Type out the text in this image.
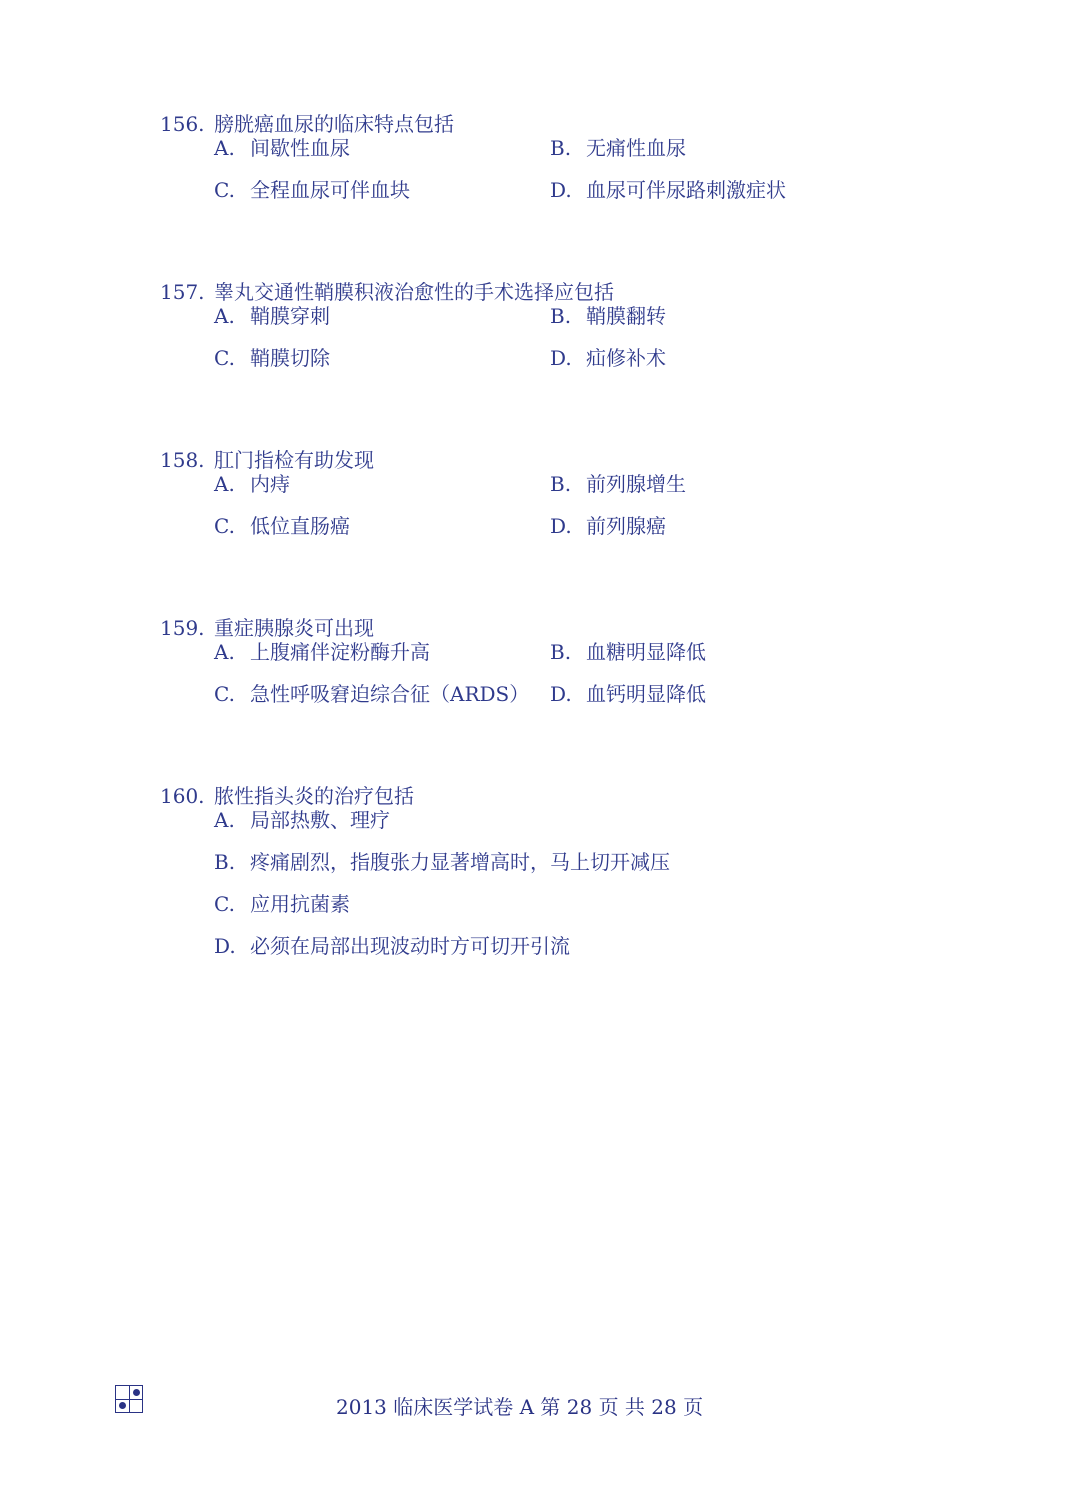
156. 膀胱癌血尿的临床特点包括
A. 间歇性血尿	B. 无痛性血尿
C. 全程血尿可伴血块	D. 血尿可伴尿路刺激症状
157. 睾丸交通性鞘膜积液治愈性的手术选择应包括
A. 鞘膜穿刺	B. 鞘膜翻转
C. 鞘膜切除	D. 疝修补术
158. 肛门指检有助发现
A. 内痔	B. 前列腺增生
C. 低位直肠癌	D. 前列腺癌
159. 重症胰腺炎可出现
A. 上腹痛伴淀粉酶升高	B. 血糖明显降低
C. 急性呼吸窘迫综合征（ARDS） D. 血钙明显降低
160. 脓性指头炎的治疗包括
A. 局部热敷、理疗
B. 疼痛剧烈，指腹张力显著增高时，马上切开减压
C. 应用抗菌素
D. 必须在局部出现波动时方可切开引流
2013 临床医学试卷 A 第 28 页 共 28 页
